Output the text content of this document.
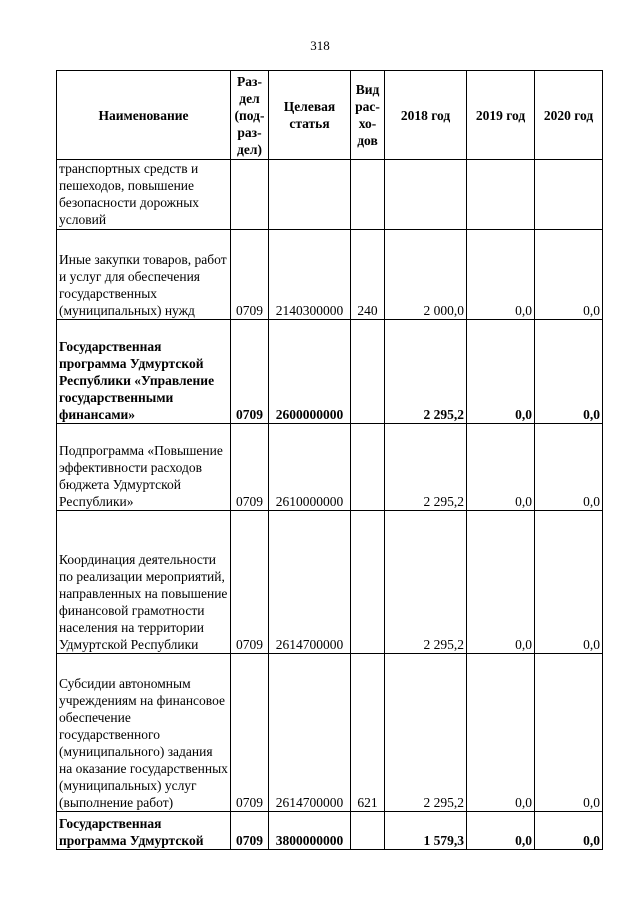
318
Наименование	Раз- дел (под- раз- дел)	Целевая статья	Вид рас- хо- дов	2018 год	2019 год	2020 год
транспортных средств и пешеходов, повышение безопасности дорожных условий						
Иные закупки товаров, работ и услуг для обеспечения государственных (муниципальных) нужд	0709	2140300000	240	2 000,0	0,0	0,0
Государственная программа Удмуртской Республики «Управление государственными финансами»	0709	2600000000		2 295,2	0,0	0,0
Подпрограмма «Повышение эффективности расходов бюджета Удмуртской Республики»	0709	2610000000		2 295,2	0,0	0,0
Координация деятельности по реализации мероприятий, направленных на повышение финансовой грамотности населения на территории Удмуртской Республики	0709	2614700000		2 295,2	0,0	0,0
Субсидии автономным учреждениям на финансовое обеспечение государственного (муниципального) задания на оказание государственных (муниципальных) услуг (выполнение работ)	0709	2614700000	621	2 295,2	0,0	0,0
Государственная программа Удмуртской	0709	3800000000		1 579,3	0,0	0,0
